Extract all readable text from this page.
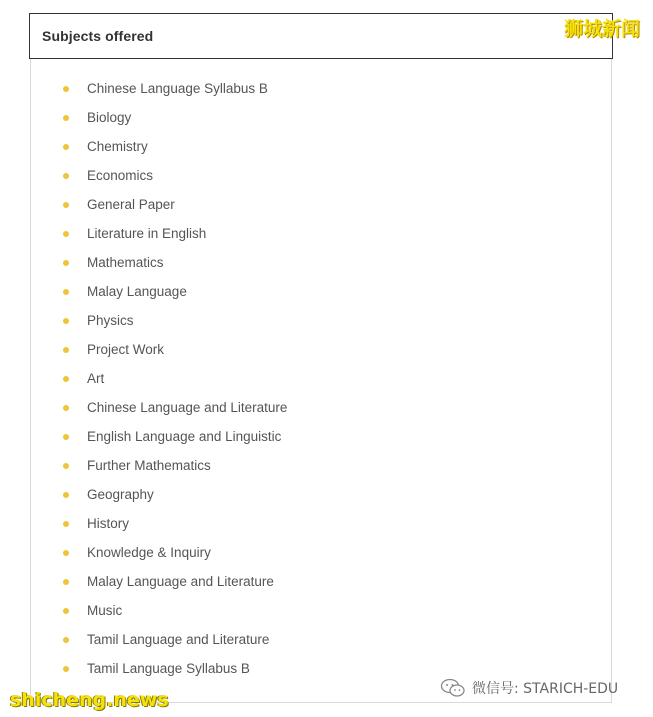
Subjects offered
Chinese Language Syllabus B
Biology
Chemistry
Economics
General Paper
Literature in English
Mathematics
Malay Language
Physics
Project Work
Art
Chinese Language and Literature
English Language and Linguistic
Further Mathematics
Geography
History
Knowledge & Inquiry
Malay Language and Literature
Music
Tamil Language and Literature
Tamil Language Syllabus B
狮城新闻
shicheng.news	微信号: STARICH-EDU
